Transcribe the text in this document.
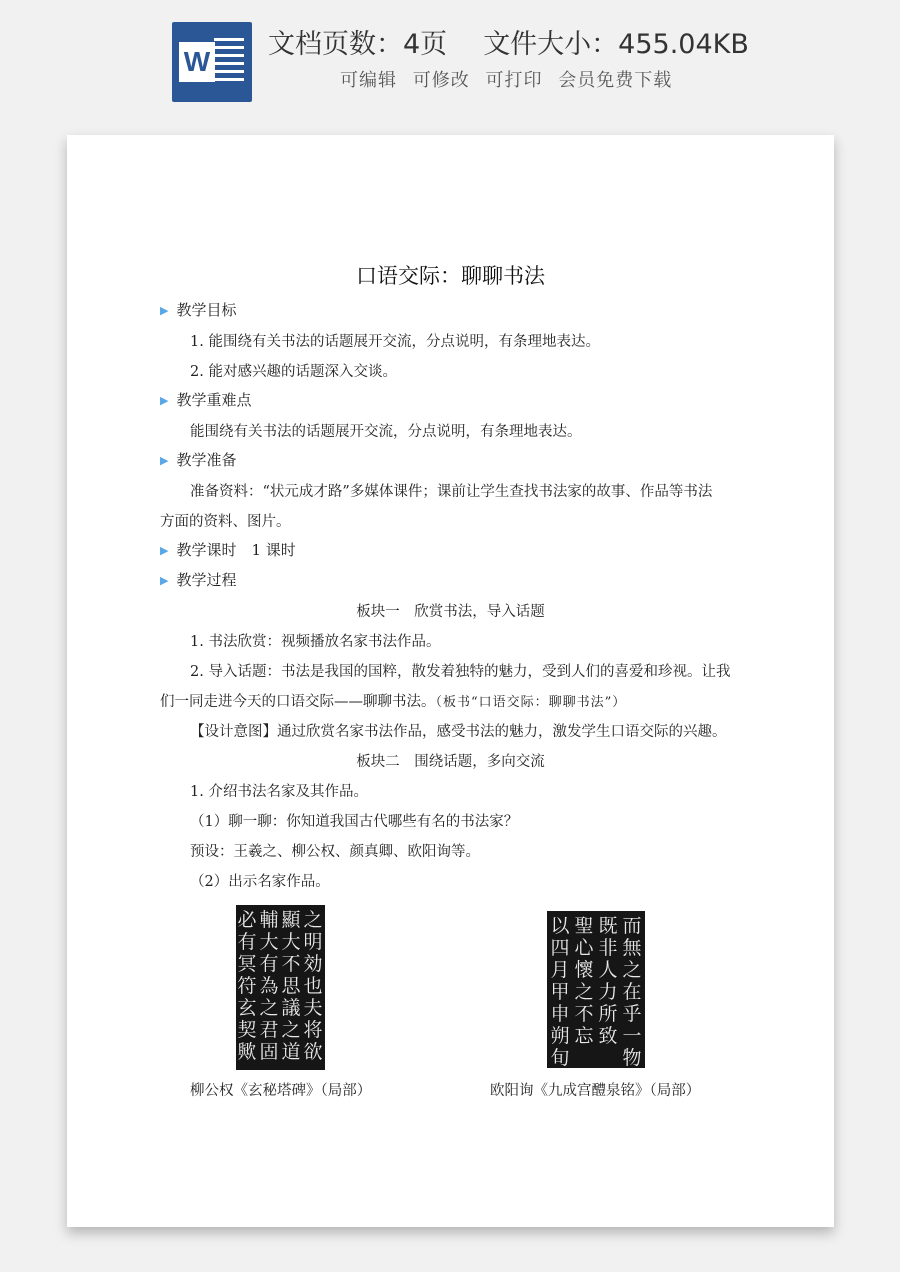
W
文档页数：4页 文件大小：455.04KB
可编辑 可修改 可打印 会员免费下载
口语交际：聊聊书法
▶ 教学目标
1. 能围绕有关书法的话题展开交流，分点说明，有条理地表达。
2. 能对感兴趣的话题深入交谈。
▶ 教学重难点
能围绕有关书法的话题展开交流，分点说明，有条理地表达。
▶ 教学准备
准备资料：“状元成才路”多媒体课件；课前让学生查找书法家的故事、作品等书法
方面的资料、图片。
▶ 教学课时　1 课时
▶ 教学过程
板块一　欣赏书法，导入话题
1. 书法欣赏：视频播放名家书法作品。
2. 导入话题：书法是我国的国粹，散发着独特的魅力，受到人们的喜爱和珍视。让我
们一同走进今天的口语交际——聊聊书法。（板书“口语交际：聊聊书法”）
【设计意图】通过欣赏名家书法作品，感受书法的魅力，激发学生口语交际的兴趣。
板块二　围绕话题，多向交流
1. 介绍书法名家及其作品。
（1）聊一聊：你知道我国古代哪些有名的书法家？
预设：王羲之、柳公权、颜真卿、欧阳询等。
（2）出示名家作品。
之
明
効
也
夫
将
欲
顯
大
不
思
議
之
道
輔
大
有
為
之
君
固
必
有
冥
符
玄
契
歟
柳公权《玄秘塔碑》（局部）
而
無
之
在
乎
一
物
既
非
人
力
所
致
聖
心
懷
之
不
忘
以
四
月
甲
申
朔
旬
欧阳询《九成宫醴泉铭》（局部）
